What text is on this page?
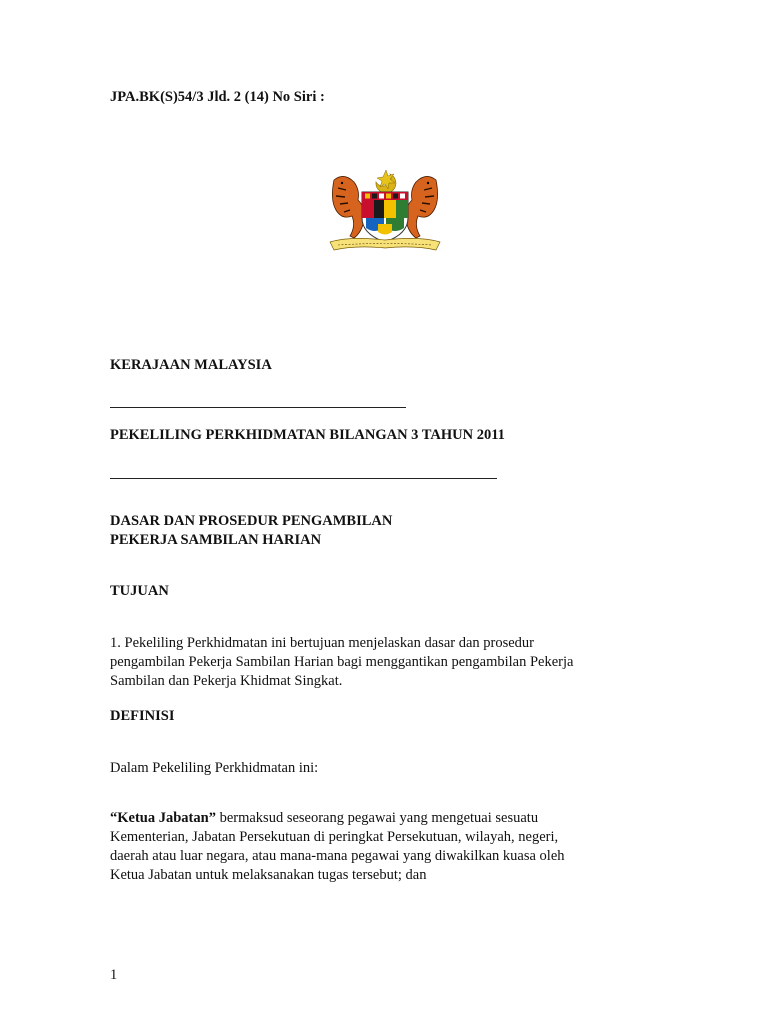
JPA.BK(S)54/3 Jld. 2 (14) No Siri :
KERAJAAN MALAYSIA
PEKELILING PERKHIDMATAN BILANGAN 3 TAHUN 2011
DASAR DAN PROSEDUR PENGAMBILAN
PEKERJA SAMBILAN HARIAN
TUJUAN
1. Pekeliling Perkhidmatan ini bertujuan menjelaskan dasar dan prosedur
pengambilan Pekerja Sambilan Harian bagi menggantikan pengambilan Pekerja
Sambilan dan Pekerja Khidmat Singkat.
DEFINISI
Dalam Pekeliling Perkhidmatan ini:
“Ketua Jabatan” bermaksud seseorang pegawai yang mengetuai sesuatu
Kementerian, Jabatan Persekutuan di peringkat Persekutuan, wilayah, negeri,
daerah atau luar negara, atau mana-mana pegawai yang diwakilkan kuasa oleh
Ketua Jabatan untuk melaksanakan tugas tersebut; dan
1
